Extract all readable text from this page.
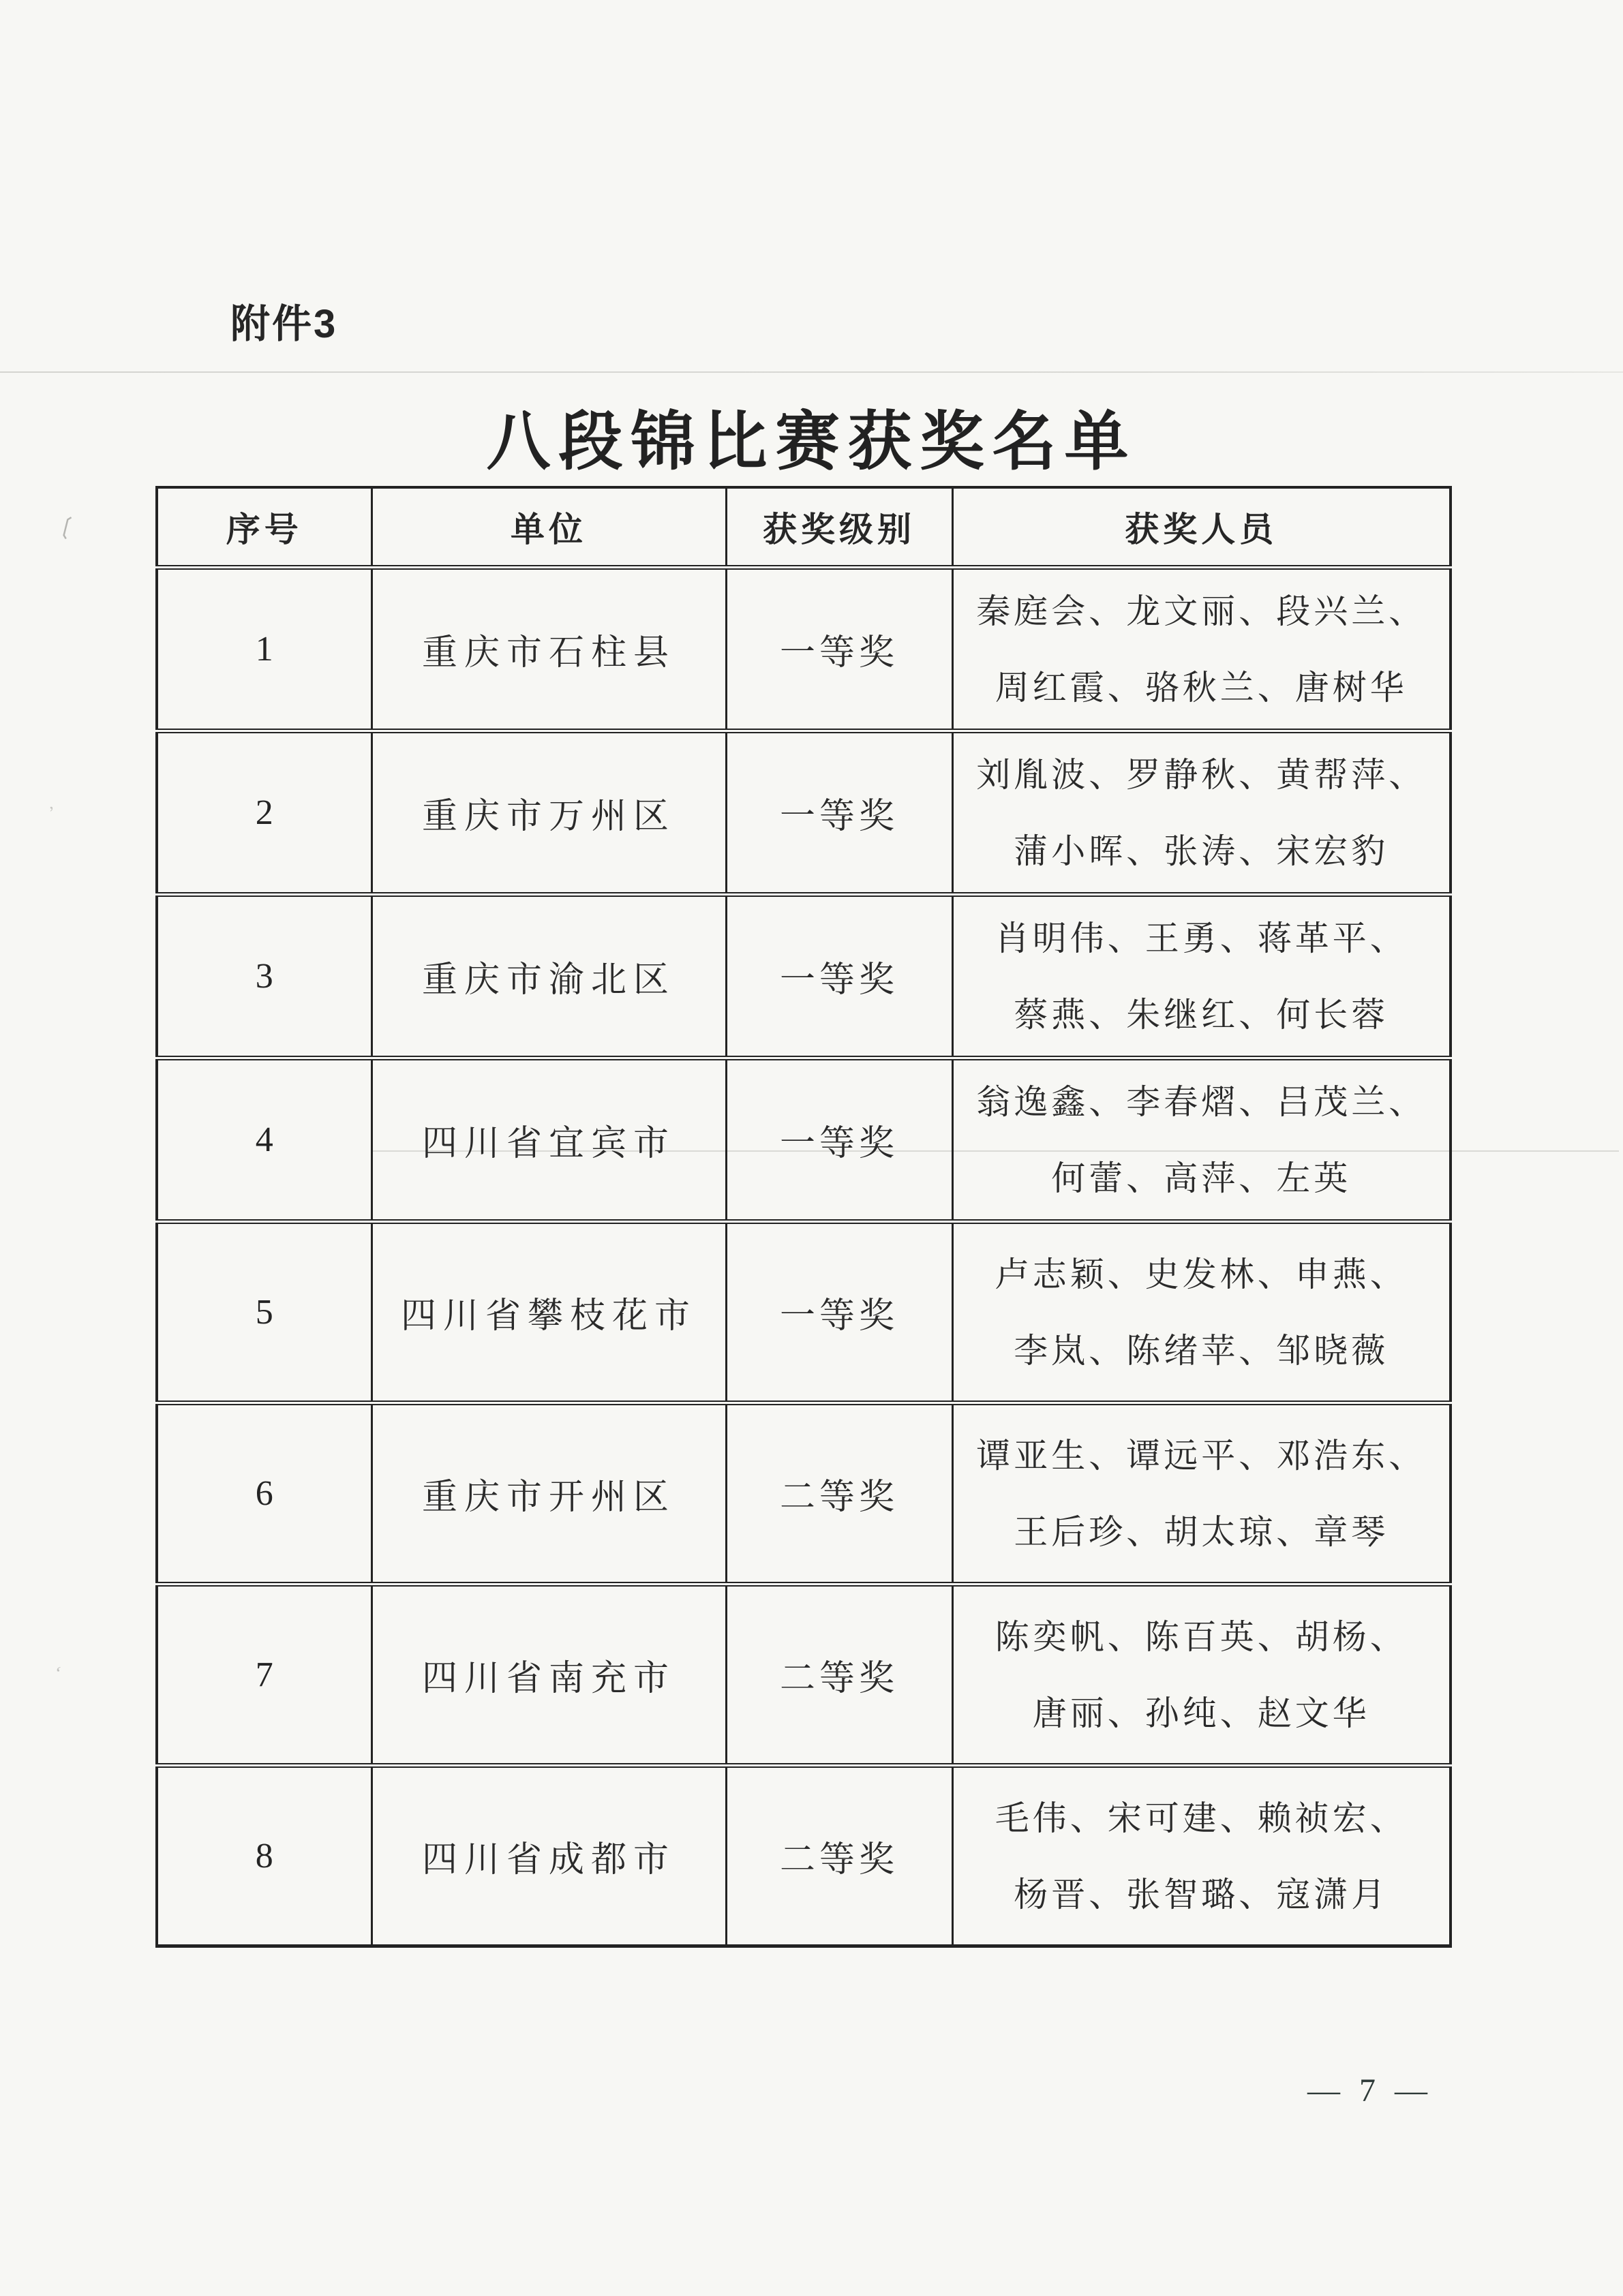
附件3
八段锦比赛获奖名单
❲
’
‘
序号	单位	获奖级别	获奖人员
1	重庆市石柱县	一等奖	秦庭会、龙文丽、段兴兰、
周红霞、骆秋兰、唐树华

2	重庆市万州区	一等奖	刘胤波、罗静秋、黄帮萍、
蒲小晖、张涛、宋宏豹

3	重庆市渝北区	一等奖	肖明伟、王勇、蒋革平、
蔡燕、朱继红、何长蓉

4	四川省宜宾市	一等奖	翁逸鑫、李春熠、吕茂兰、
何蕾、高萍、左英

5	四川省攀枝花市	一等奖	卢志颖、史发林、申燕、
李岚、陈绪苹、邹晓薇

6	重庆市开州区	二等奖	谭亚生、谭远平、邓浩东、
王后珍、胡太琼、章琴

7	四川省南充市	二等奖	陈奕帆、陈百英、胡杨、
唐丽、孙纯、赵文华

8	四川省成都市	二等奖	毛伟、宋可建、赖祯宏、
杨晋、张智璐、寇潇月
— 7 —
